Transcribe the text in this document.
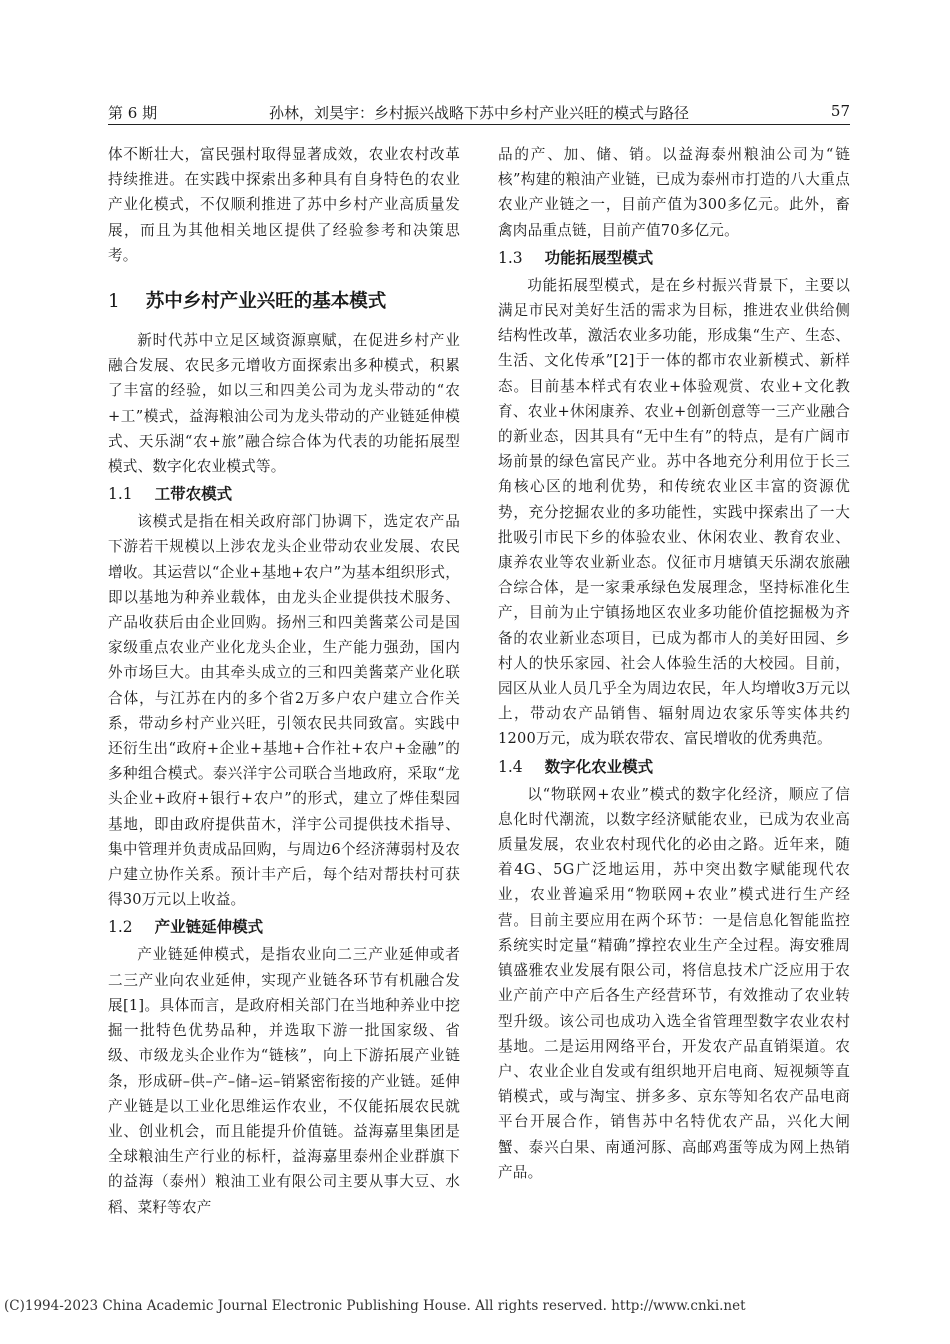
第 6 期	孙林，刘昊宇：乡村振兴战略下苏中乡村产业兴旺的模式与路径	57

体不断壮大，富民强村取得显著成效，农业农村改革持续推进。在实践中探索出多种具有自身特色的农业产业化模式，不仅顺利推进了苏中乡村产业高质量发展，而且为其他相关地区提供了经验参考和决策思考。

1 苏中乡村产业兴旺的基本模式

新时代苏中立足区域资源禀赋，在促进乡村产业融合发展、农民多元增收方面探索出多种模式，积累了丰富的经验，如以三和四美公司为龙头带动的“农+工”模式，益海粮油公司为龙头带动的产业链延伸模式、天乐湖“农+旅”融合综合体为代表的功能拓展型模式、数字化农业模式等。

1.1 工带农模式

该模式是指在相关政府部门协调下，选定农产品下游若干规模以上涉农龙头企业带动农业发展、农民增收。其运营以“企业+基地+农户”为基本组织形式，即以基地为种养业载体，由龙头企业提供技术服务、产品收获后由企业回购。扬州三和四美酱菜公司是国家级重点农业产业化龙头企业，生产能力强劲，国内外市场巨大。由其牵头成立的三和四美酱菜产业化联合体，与江苏在内的多个省2万多户农户建立合作关系，带动乡村产业兴旺，引领农民共同致富。实践中还衍生出“政府+企业+基地+合作社+农户+金融”的多种组合模式。泰兴洋宇公司联合当地政府，采取“龙头企业+政府+银行+农户”的形式，建立了烨佳梨园基地，即由政府提供苗木，洋宇公司提供技术指导、集中管理并负责成品回购，与周边6个经济薄弱村及农户建立协作关系。预计丰产后，每个结对帮扶村可获得30万元以上收益。

1.2 产业链延伸模式

产业链延伸模式，是指农业向二三产业延伸或者二三产业向农业延伸，实现产业链各环节有机融合发展[1]。具体而言，是政府相关部门在当地种养业中挖掘一批特色优势品种，并选取下游一批国家级、省级、市级龙头企业作为“链核”，向上下游拓展产业链条，形成研–供–产–储–运–销紧密衔接的产业链。延伸产业链是以工业化思维运作农业，不仅能拓展农民就业、创业机会，而且能提升价值链。益海嘉里集团是全球粮油生产行业的标杆，益海嘉里泰州企业群旗下的益海（泰州）粮油工业有限公司主要从事大豆、水稻、菜籽等农产

品的产、加、储、销。以益海泰州粮油公司为“链核”构建的粮油产业链，已成为泰州市打造的八大重点农业产业链之一，目前产值为300多亿元。此外，畜禽肉品重点链，目前产值70多亿元。

1.3 功能拓展型模式

功能拓展型模式，是在乡村振兴背景下，主要以满足市民对美好生活的需求为目标，推进农业供给侧结构性改革，激活农业多功能，形成集“生产、生态、生活、文化传承”[2]于一体的都市农业新模式、新样态。目前基本样式有农业+体验观赏、农业+文化教育、农业+休闲康养、农业+创新创意等一三产业融合的新业态，因其具有“无中生有”的特点，是有广阔市场前景的绿色富民产业。苏中各地充分利用位于长三角核心区的地利优势，和传统农业区丰富的资源优势，充分挖掘农业的多功能性，实践中探索出了一大批吸引市民下乡的体验农业、休闲农业、教育农业、康养农业等农业新业态。仪征市月塘镇天乐湖农旅融合综合体，是一家秉承绿色发展理念，坚持标准化生产，目前为止宁镇扬地区农业多功能价值挖掘极为齐备的农业新业态项目，已成为都市人的美好田园、乡村人的快乐家园、社会人体验生活的大校园。目前，园区从业人员几乎全为周边农民，年人均增收3万元以上，带动农产品销售、辐射周边农家乐等实体共约1200万元，成为联农带农、富民增收的优秀典范。

1.4 数字化农业模式

以“物联网+农业”模式的数字化经济，顺应了信息化时代潮流，以数字经济赋能农业，已成为农业高质量发展，农业农村现代化的必由之路。近年来，随着4G、5G广泛地运用，苏中突出数字赋能现代农业，农业普遍采用“物联网+农业”模式进行生产经营。目前主要应用在两个环节：一是信息化智能监控系统实时定量“精确”撑控农业生产全过程。海安雅周镇盛雅农业发展有限公司，将信息技术广泛应用于农业产前产中产后各生产经营环节，有效推动了农业转型升级。该公司也成功入选全省管理型数字农业农村基地。二是运用网络平台，开发农产品直销渠道。农户、农业企业自发或有组织地开启电商、短视频等直销模式，或与淘宝、拼多多、京东等知名农产品电商平台开展合作，销售苏中名特优农产品，兴化大闸蟹、泰兴白果、南通河豚、高邮鸡蛋等成为网上热销产品。

(C)1994-2023 China Academic Journal Electronic Publishing House. All rights reserved. http://www.cnki.net
